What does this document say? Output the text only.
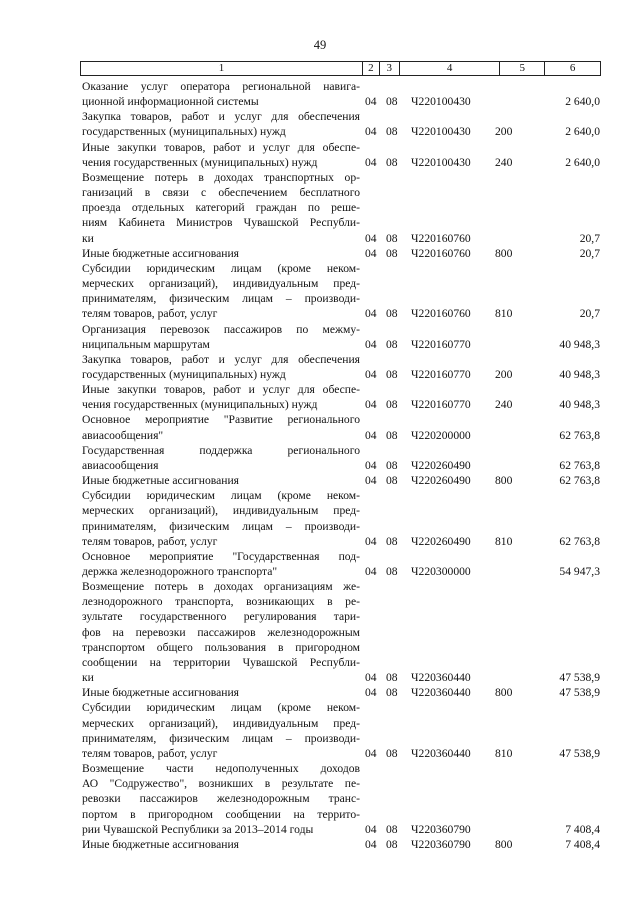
49
1	2	3	4	5	6
Оказание услуг оператора региональной навига-
ционной информационной системы	04 08 Ч220100430	2 640,0
Закупка товаров, работ и услуг для обеспечения
государственных (муниципальных) нужд	04 08 Ч220100430 200	2 640,0
Иные закупки товаров, работ и услуг для обеспе-
чения государственных (муниципальных) нужд	04 08 Ч220100430 240	2 640,0
Возмещение потерь в доходах транспортных ор-
ганизаций в связи с обеспечением бесплатного
проезда отдельных категорий граждан по реше-
ниям Кабинета Министров Чувашской Республи-
ки	04 08 Ч220160760	20,7
Иные бюджетные ассигнования	04 08 Ч220160760 800	20,7
Субсидии юридическим лицам (кроме неком-
мерческих организаций), индивидуальным пред-
принимателям, физическим лицам – производи-
телям товаров, работ, услуг	04 08 Ч220160760 810	20,7
Организация перевозок пассажиров по межму-
ниципальным маршрутам	04 08 Ч220160770	40 948,3
Закупка товаров, работ и услуг для обеспечения
государственных (муниципальных) нужд	04 08 Ч220160770 200	40 948,3
Иные закупки товаров, работ и услуг для обеспе-
чения государственных (муниципальных) нужд	04 08 Ч220160770 240	40 948,3
Основное мероприятие "Развитие регионального
авиасообщения"	04 08 Ч220200000	62 763,8
Государственная поддержка регионального
авиасообщения	04 08 Ч220260490	62 763,8
Иные бюджетные ассигнования	04 08 Ч220260490 800	62 763,8
Субсидии юридическим лицам (кроме неком-
мерческих организаций), индивидуальным пред-
принимателям, физическим лицам – производи-
телям товаров, работ, услуг	04 08 Ч220260490 810	62 763,8
Основное мероприятие "Государственная под-
держка железнодорожного транспорта"	04 08 Ч220300000	54 947,3
Возмещение потерь в доходах организациям же-
лезнодорожного транспорта, возникающих в ре-
зультате государственного регулирования тари-
фов на перевозки пассажиров железнодорожным
транспортом общего пользования в пригородном
сообщении на территории Чувашской Республи-
ки	04 08 Ч220360440	47 538,9
Иные бюджетные ассигнования	04 08 Ч220360440 800	47 538,9
Субсидии юридическим лицам (кроме неком-
мерческих организаций), индивидуальным пред-
принимателям, физическим лицам – производи-
телям товаров, работ, услуг	04 08 Ч220360440 810	47 538,9
Возмещение части недополученных доходов
АО "Содружество", возникших в результате пе-
ревозки пассажиров железнодорожным транс-
портом в пригородном сообщении на террито-
рии Чувашской Республики за 2013–2014 годы	04 08 Ч220360790	7 408,4
Иные бюджетные ассигнования	04 08 Ч220360790 800	7 408,4
